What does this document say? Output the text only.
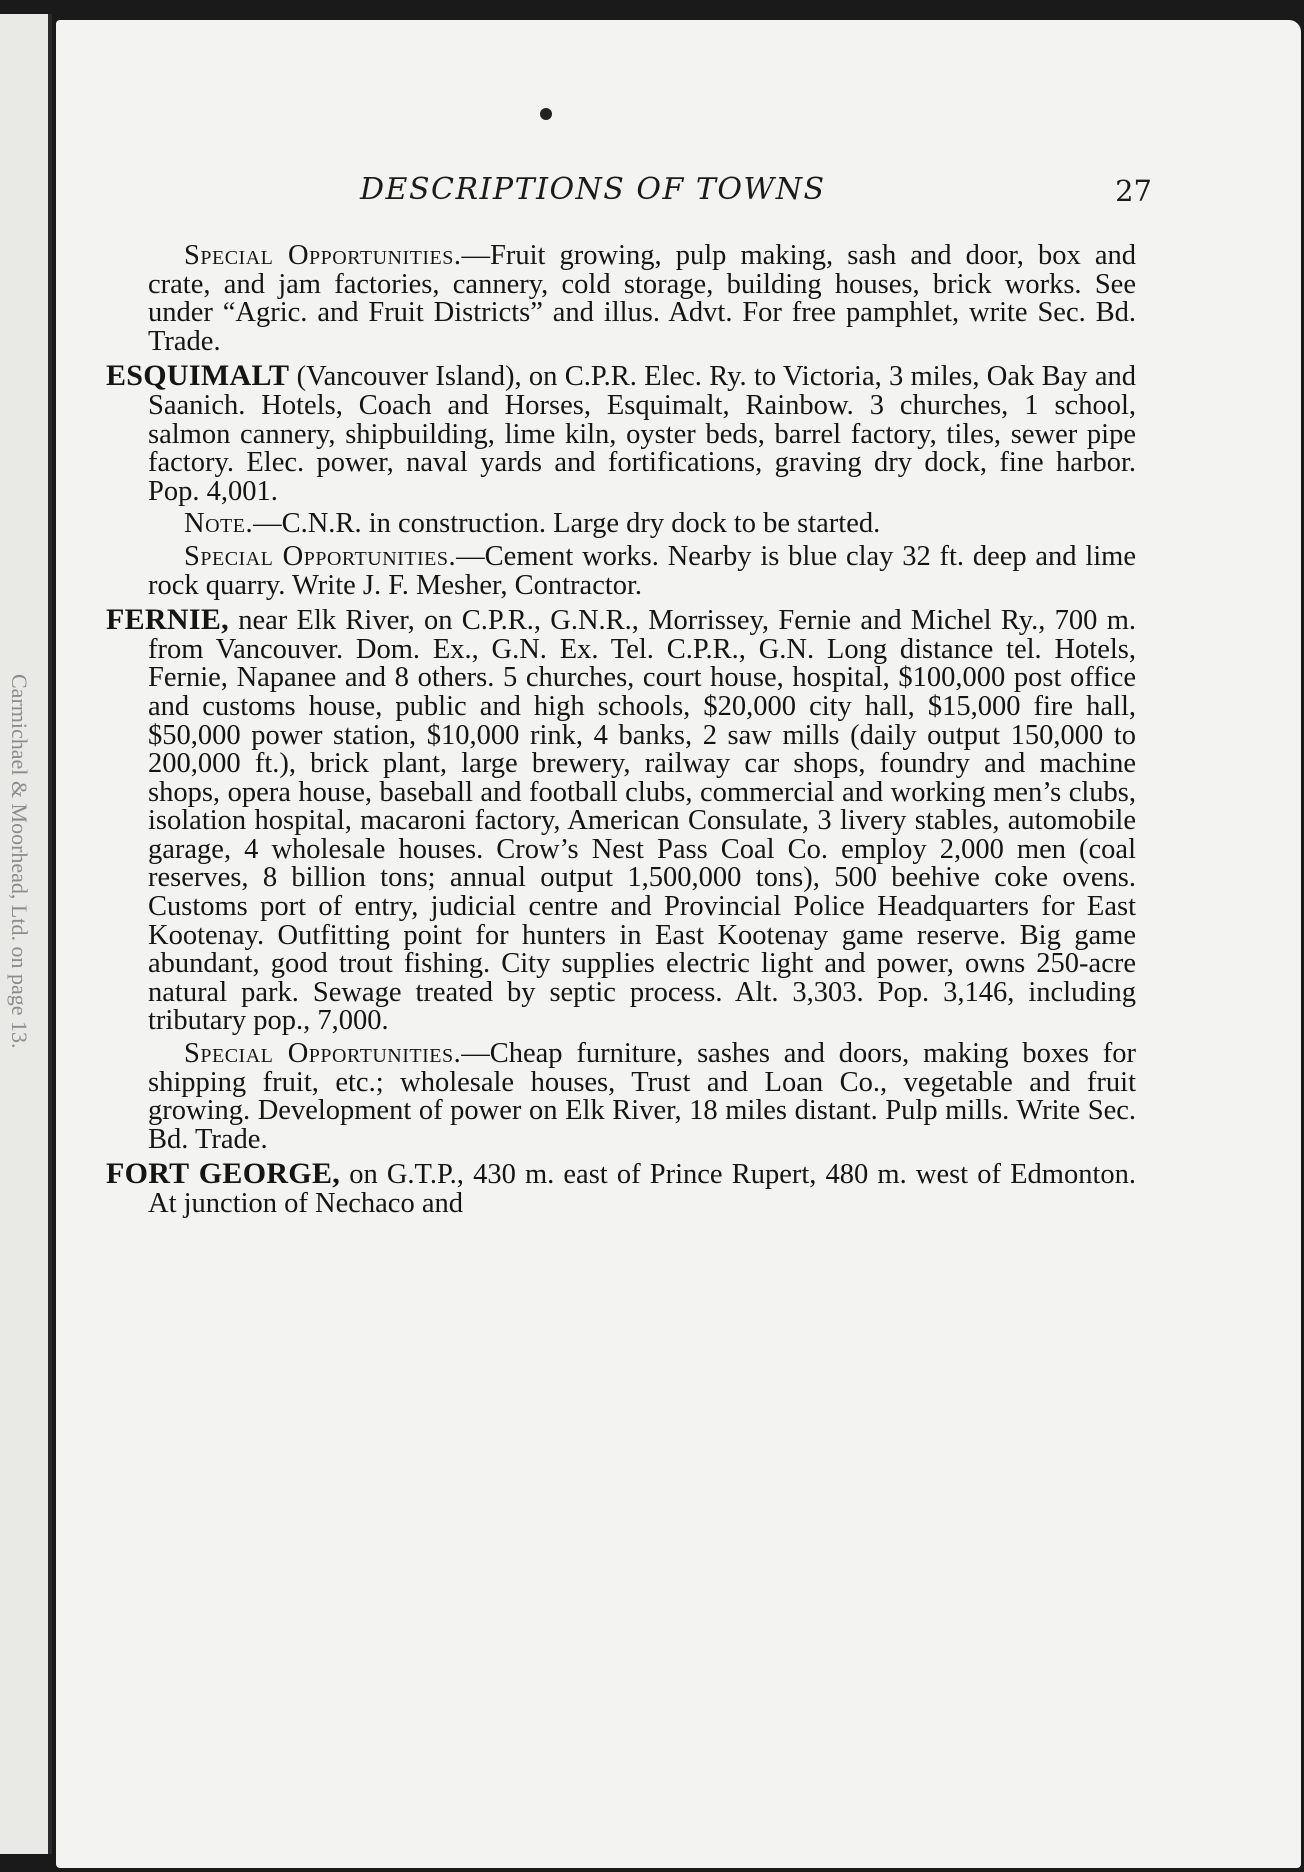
Carmichael & Moorhead, Ltd. on page 13.
DESCRIPTIONS OF TOWNS	27

Special Opportunities.—Fruit growing, pulp making, sash and door, box and crate, and jam factories, cannery, cold storage, building houses, brick works. See under “Agric. and Fruit Districts” and illus. Advt. For free pamphlet, write Sec. Bd. Trade.

ESQUIMALT (Vancouver Island), on C.P.R. Elec. Ry. to Victoria, 3 miles, Oak Bay and Saanich. Hotels, Coach and Horses, Esquimalt, Rainbow. 3 churches, 1 school, salmon cannery, shipbuilding, lime kiln, oyster beds, barrel factory, tiles, sewer pipe factory. Elec. power, naval yards and fortifications, graving dry dock, fine harbor. Pop. 4,001.

Note.—C.N.R. in construction. Large dry dock to be started.

Special Opportunities.—Cement works. Nearby is blue clay 32 ft. deep and lime rock quarry. Write J. F. Mesher, Contractor.

FERNIE, near Elk River, on C.P.R., G.N.R., Morrissey, Fernie and Michel Ry., 700 m. from Vancouver. Dom. Ex., G.N. Ex. Tel. C.P.R., G.N. Long distance tel. Hotels, Fernie, Napanee and 8 others. 5 churches, court house, hospital, $100,000 post office and customs house, public and high schools, $20,000 city hall, $15,000 fire hall, $50,000 power station, $10,000 rink, 4 banks, 2 saw mills (daily output 150,000 to 200,000 ft.), brick plant, large brewery, railway car shops, foundry and machine shops, opera house, baseball and football clubs, commercial and working men’s clubs, isolation hospital, macaroni factory, American Consulate, 3 livery stables, automobile garage, 4 wholesale houses. Crow’s Nest Pass Coal Co. employ 2,000 men (coal reserves, 8 billion tons; annual output 1,500,000 tons), 500 beehive coke ovens. Customs port of entry, judicial centre and Provincial Police Headquarters for East Kootenay. Outfitting point for hunters in East Kootenay game reserve. Big game abundant, good trout fishing. City supplies electric light and power, owns 250-acre natural park. Sewage treated by septic process. Alt. 3,303. Pop. 3,146, including tributary pop., 7,000.

Special Opportunities.—Cheap furniture, sashes and doors, making boxes for shipping fruit, etc.; wholesale houses, Trust and Loan Co., vegetable and fruit growing. Development of power on Elk River, 18 miles distant. Pulp mills. Write Sec. Bd. Trade.

FORT GEORGE, on G.T.P., 430 m. east of Prince Rupert, 480 m. west of Edmonton. At junction of Nechaco and
